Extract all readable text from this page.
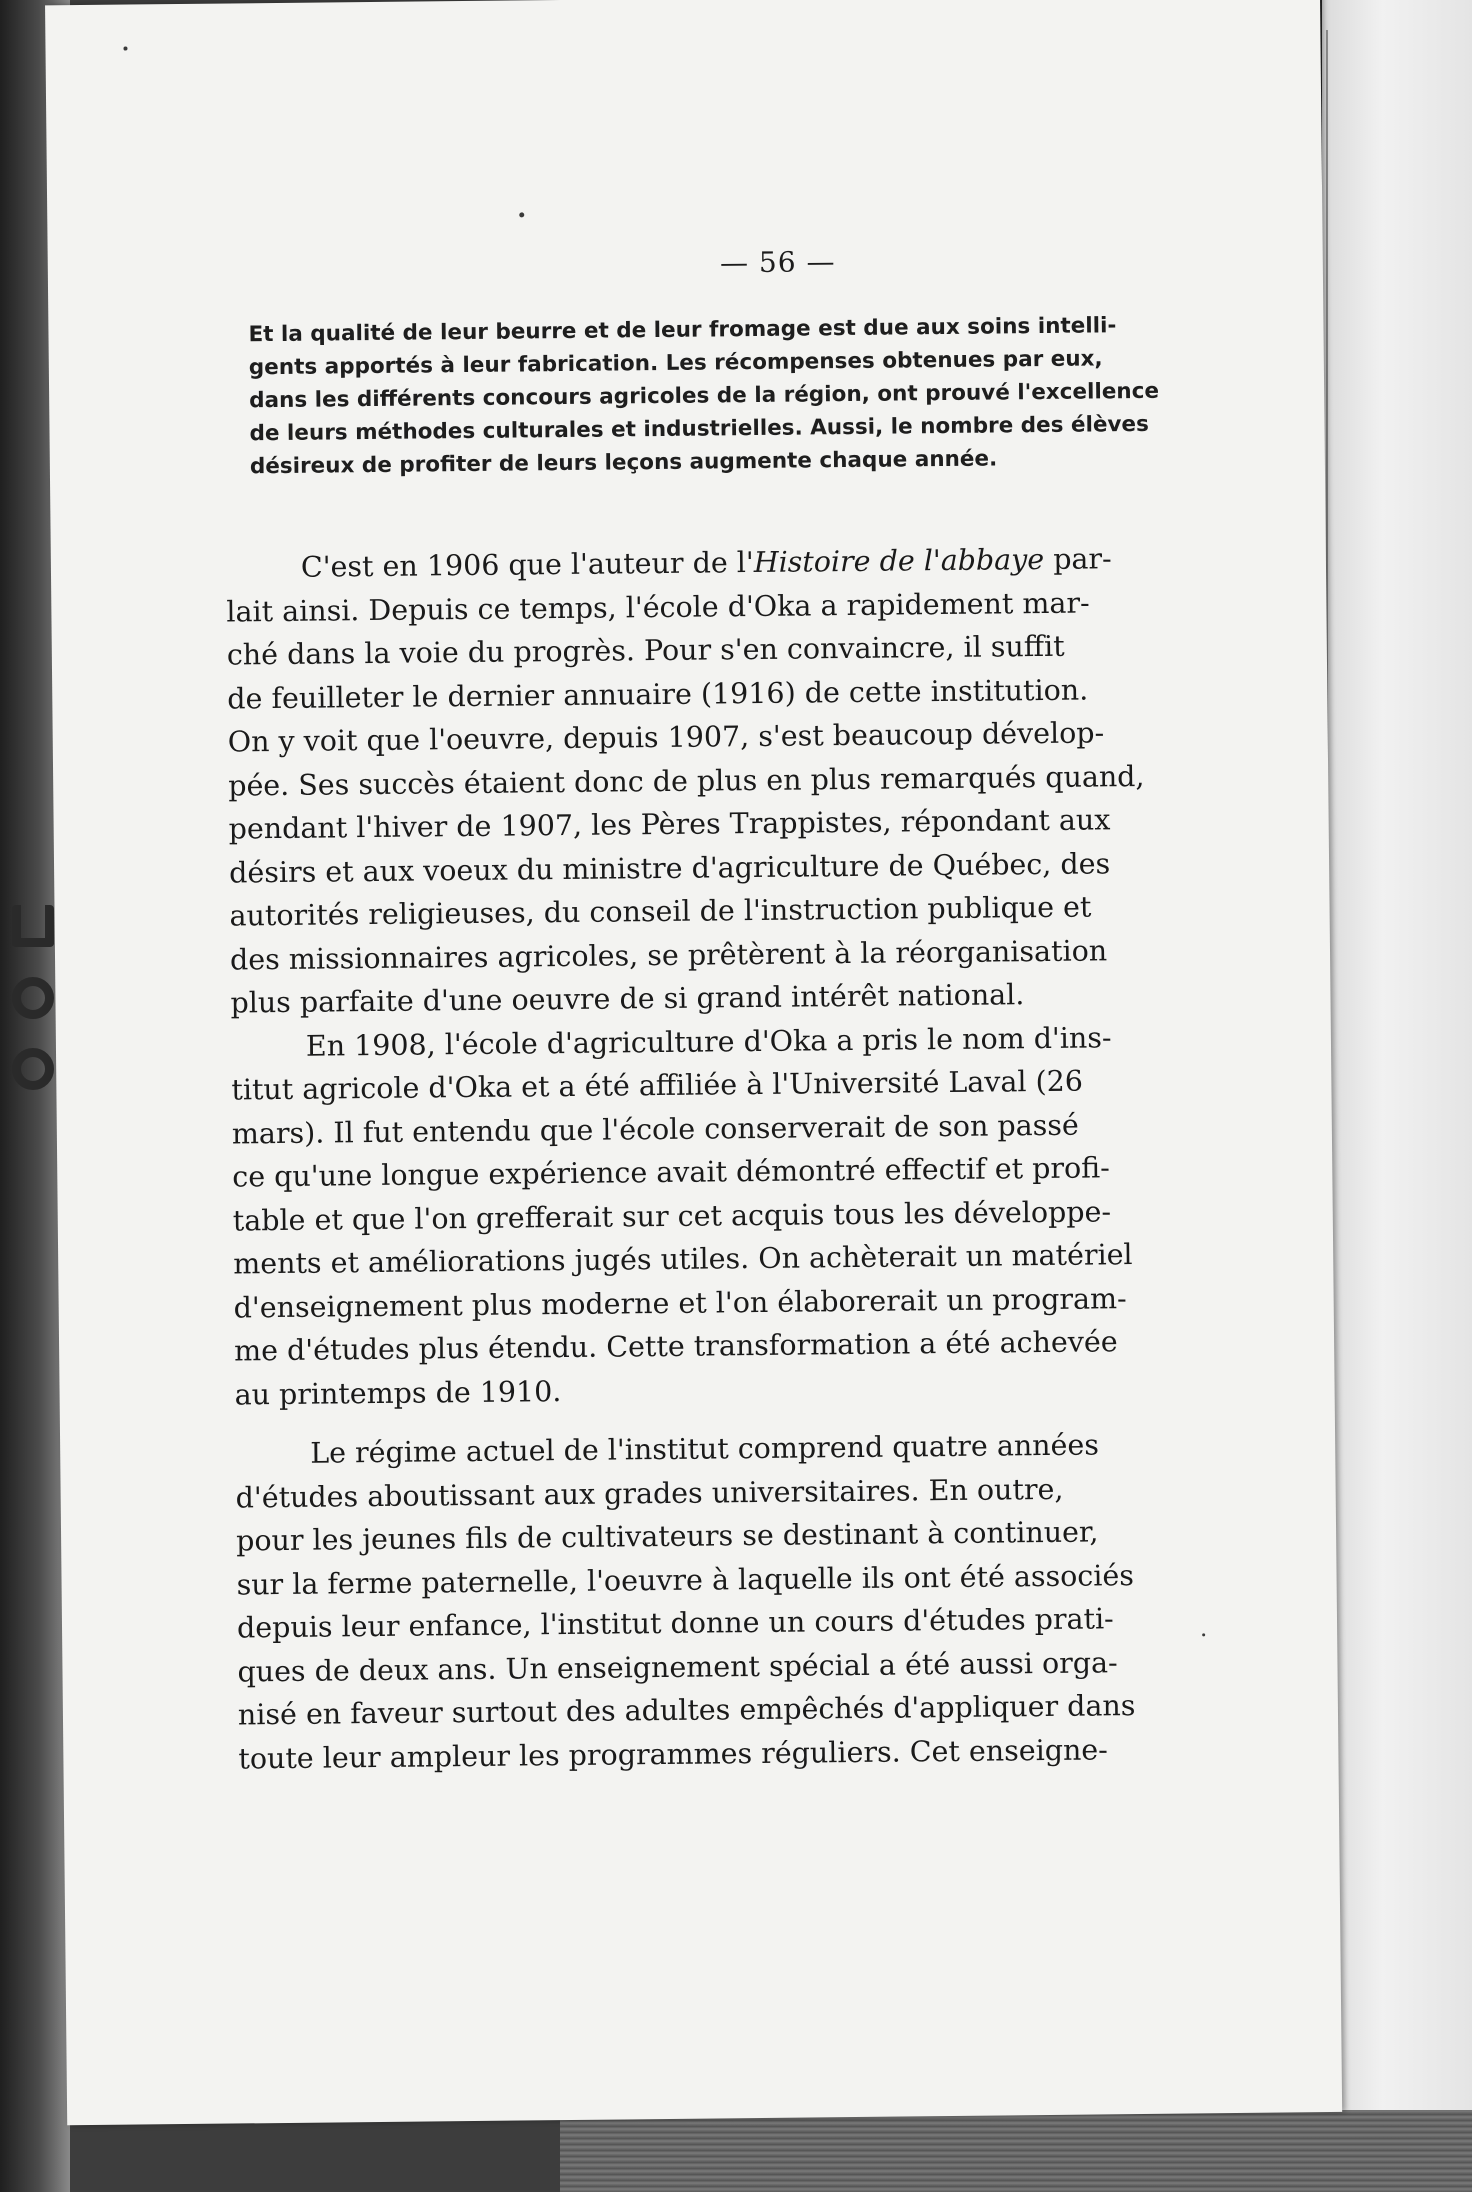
— 56 —
Et la qualité de leur beurre et de leur fromage est due aux soins intelli-
gents apportés à leur fabrication. Les récompenses obtenues par eux,
dans les différents concours agricoles de la région, ont prouvé l'excellence
de leurs méthodes culturales et industrielles. Aussi, le nombre des élèves
désireux de profiter de leurs leçons augmente chaque année.
C'est en 1906 que l'auteur de l'Histoire de l'abbaye par-
lait ainsi. Depuis ce temps, l'école d'Oka a rapidement mar-
ché dans la voie du progrès. Pour s'en convaincre, il suffit
de feuilleter le dernier annuaire (1916) de cette institution.
On y voit que l'oeuvre, depuis 1907, s'est beaucoup dévelop-
pée. Ses succès étaient donc de plus en plus remarqués quand,
pendant l'hiver de 1907, les Pères Trappistes, répondant aux
désirs et aux voeux du ministre d'agriculture de Québec, des
autorités religieuses, du conseil de l'instruction publique et
des missionnaires agricoles, se prêtèrent à la réorganisation
plus parfaite d'une oeuvre de si grand intérêt national.
En 1908, l'école d'agriculture d'Oka a pris le nom d'ins-
titut agricole d'Oka et a été affiliée à l'Université Laval (26
mars). Il fut entendu que l'école conserverait de son passé
ce qu'une longue expérience avait démontré effectif et profi-
table et que l'on grefferait sur cet acquis tous les développe-
ments et améliorations jugés utiles. On achèterait un matériel
d'enseignement plus moderne et l'on élaborerait un program-
me d'études plus étendu. Cette transformation a été achevée
au printemps de 1910.
Le régime actuel de l'institut comprend quatre années
d'études aboutissant aux grades universitaires. En outre,
pour les jeunes fils de cultivateurs se destinant à continuer,
sur la ferme paternelle, l'oeuvre à laquelle ils ont été associés
depuis leur enfance, l'institut donne un cours d'études prati-
ques de deux ans. Un enseignement spécial a été aussi orga-
nisé en faveur surtout des adultes empêchés d'appliquer dans
toute leur ampleur les programmes réguliers. Cet enseigne-
